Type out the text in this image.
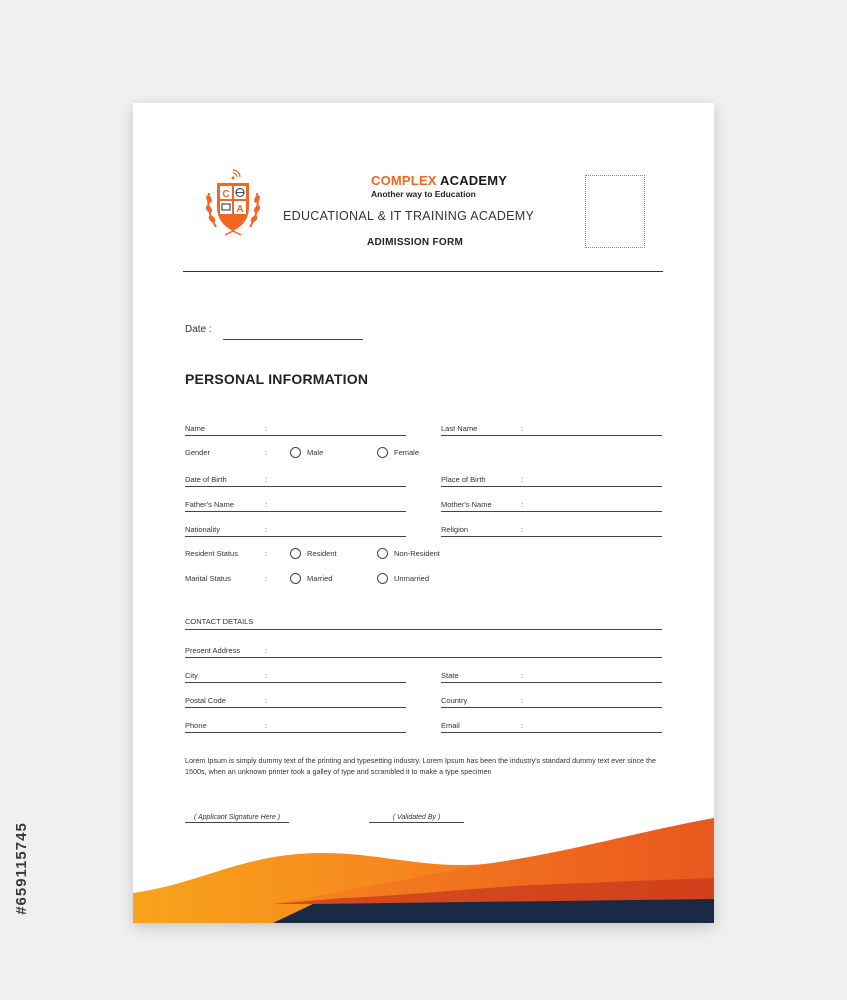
#659115745
C
A
COMPLEX ACADEMY
Another way to Education
EDUCATIONAL & IT TRAINING ACADEMY
ADIMISSION FORM
Date :
PERSONAL INFORMATION
Name	:	Last Name	:
Gender	:	Male	Female
Date of Birth	:	Place of Birth	:
Father's Name	:	Mother's Name	:
Nationality	:	Religion	:
Resident Status	:	Resident	Non-Resident
Marital Status	:	Married	Unmarried
CONTACT DETAILS
Present Address	:
City	:	State	:
Postal Code	:	Country	:
Phone	:	Email	:
Lorem Ipsum is simply dummy text of the printing and typesetting industry. Lorem Ipsum has been the industry's standard dummy text ever since the 1500s, when an unknown printer took a galley of type and scrambled it to make a type specimen
( Applicant Signature Here )	( Validated By )
